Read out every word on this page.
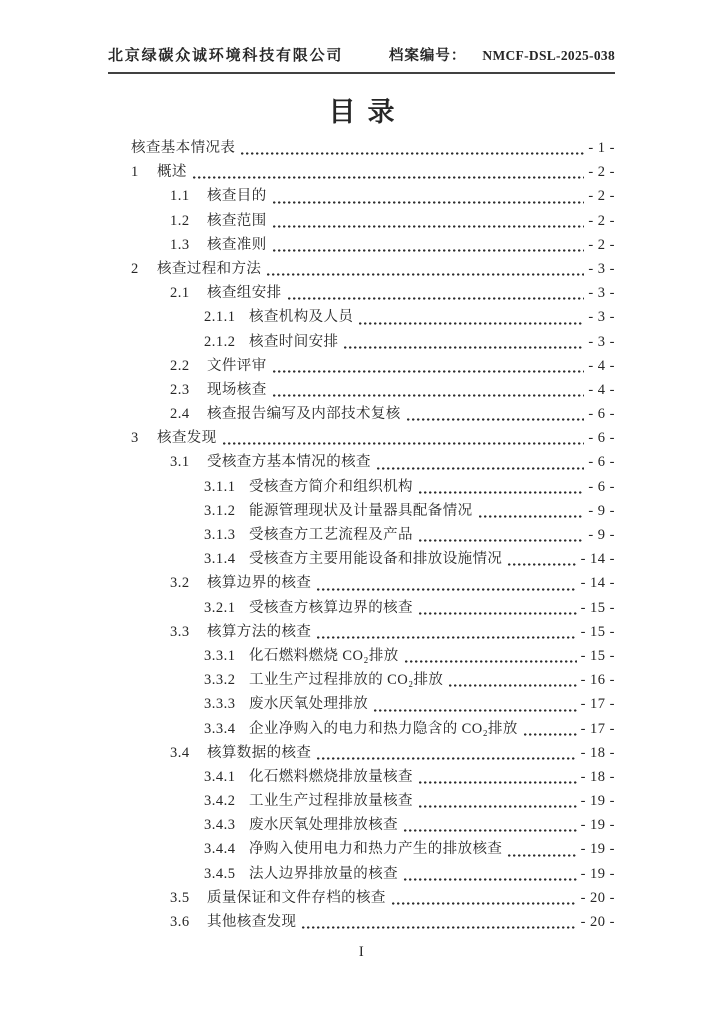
北京绿碳众诚环境科技有限公司	档案编号： NMCF-DSL-2025-038
目录
核查基本情况表	- 1 -
1	概述	- 2 -
1.1	核查目的	- 2 -
1.2	核查范围	- 2 -
1.3	核查准则	- 2 -
2	核查过程和方法	- 3 -
2.1	核查组安排	- 3 -
2.1.1 核查机构及人员	- 3 -
2.1.2 核查时间安排	- 3 -
2.2	文件评审	- 4 -
2.3	现场核查	- 4 -
2.4	核查报告编写及内部技术复核	- 6 -
3	核查发现	- 6 -
3.1	受核查方基本情况的核查	- 6 -
3.1.1 受核查方简介和组织机构	- 6 -
3.1.2 能源管理现状及计量器具配备情况	- 9 -
3.1.3 受核查方工艺流程及产品	- 9 -
3.1.4 受核查方主要用能设备和排放设施情况	- 14 -
3.2	核算边界的核查	- 14 -
3.2.1 受核查方核算边界的核查	- 15 -
3.3	核算方法的核查	- 15 -
3.3.1 化石燃料燃烧 CO₂排放	- 15 -
3.3.2 工业生产过程排放的 CO₂排放	- 16 -
3.3.3 废水厌氧处理排放	- 17 -
3.3.4 企业净购入的电力和热力隐含的 CO₂排放	- 17 -
3.4	核算数据的核查	- 18 -
3.4.1 化石燃料燃烧排放量核查	- 18 -
3.4.2 工业生产过程排放量核查	- 19 -
3.4.3 废水厌氧处理排放核查	- 19 -
3.4.4 净购入使用电力和热力产生的排放核查	- 19 -
3.4.5 法人边界排放量的核查	- 19 -
3.5	质量保证和文件存档的核查	- 20 -
3.6	其他核查发现	- 20 -
I
